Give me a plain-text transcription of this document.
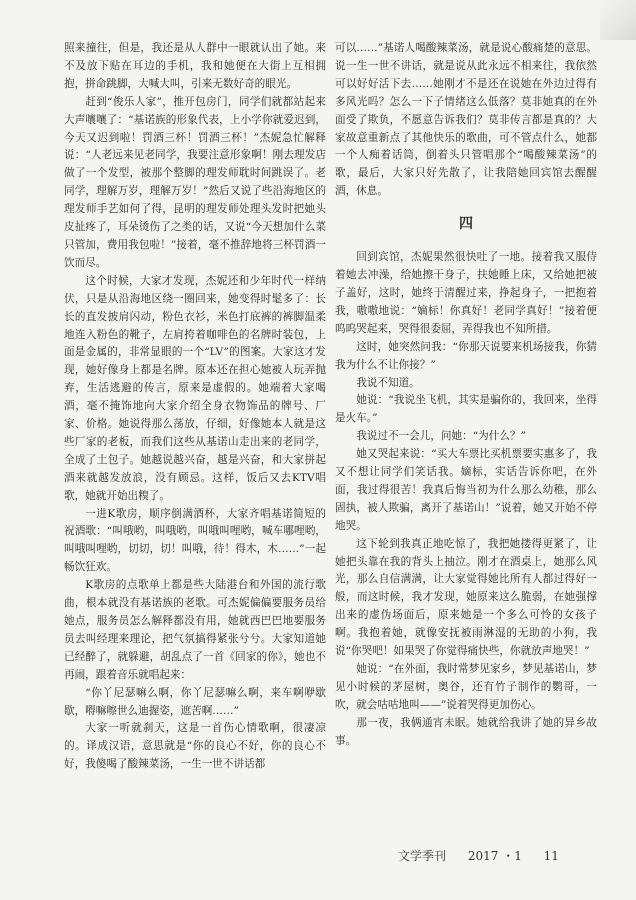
照来撞往，但是，我还是从人群中一眼就认出了她。来不及放下贴在耳边的手机，我和她便在大街上互相拥抱，拼命跳脚，大喊大叫，引来无数好奇的眼光。

赶到“俊乐人家”，推开包房门，同学们就都站起来大声嚷嚷了：“基诺族的形象代表，上小学你就爱迟到，今天又迟到啦！罚酒三杯！罚酒三杯！”杰妮急忙解释说：“人老远来见老同学，我要注意形象啊！刚去理发店做了一个发型，被那个整脚的理发师耽时间跳误了。老同学，理解万岁，理解万岁！”然后又说了些沿海地区的理发师手艺如何了得，昆明的理发师处理头发时把她头皮扯疼了，耳朵烫伤了之类的话，又说“今天想加什么菜只管加，费用我包啦！”接着，毫不推辞地将三杯罚酒一饮而尽。

这个时候，大家才发现，杰妮还和少年时代一样纳伏，只是从沿海地区绕一圈回来，她变得时髦多了：长长的直发披肩闪动，粉色衣衫，米色打底裤的裤脚温柔地连入粉色的靴子，左肩挎着咖啡色的名牌时装包，上面是金属的，非常显眼的一个“LV”的图案。大家这才发现，她好像身上都是名牌。原本还在担心她被人玩弄抛弃，生活逃避的传言，原来是虚假的。她端着大家喝酒，毫不掩饰地向大家介绍全身衣物饰品的牌号、厂家、价格。她说得那么荡放，仔细，好像她本人就是这些厂家的老板，而我们这些从基诺山走出来的老同学，全成了土包子。她越说越兴奋，越是兴奋，和大家拼起酒来就越发放浪，没有顾忌。这样，饭后又去KTV唱歌，她就开始出糗了。

一进K歌房，顺序倒满酒杯，大家齐唱基诺简短的祝酒歌：“叫哦哟，叫哦哟，叫哦叫哩哟，喊车哪哩哟，叫哦叫哩哟，切切，切！叫哦，待！得木，木……”一起畅饮狂欢。

K歌房的点歌单上都是些大陆港台和外国的流行歌曲，根本就没有基诺族的老歌。可杰妮偏偏要服务员给她点，服务员怎么解释都没有用，她就西巴巴地要服务员去叫经理来理论，把气氛搞得紧张兮兮。大家知道她已经醉了，就躲避，胡乱点了一首《回家的你》，她也不再闹，跟着音乐就唱起来：

“你丫尼瑟嘛么啊，你丫尼瑟嘛么啊，来车啊咿歇歇，嘚嘛嚓世么迪握姿，遮苦啊……”

大家一听就刹天，这是一首伤心情歌啊，很凄凉的。译成汉语，意思就是“你的良心不好，你的良心不好，我傻喝了酸辣菜汤，一生一世不讲话都

可以……”基诺人喝酸辣菜汤，就是说心酸痛楚的意思。说一生一世不讲话，就是说从此永远不相来往，我依然可以好好活下去……她刚才不是还在说她在外边过得有多风光吗？怎么一下子情绪这么低落？莫非她真的在外面受了欺负，不愿意告诉我们？莫非传言都是真的？大家故意重新点了其他快乐的歌曲，可不管点什么，她都一个人痴着话筒，倒着头只管唱那个“喝酸辣菜汤”的歌，最后，大家只好先散了，让我陪她回宾馆去醒醒酒，休息。

四

回到宾馆，杰妮果然很快吐了一地。接着我又服侍着她去冲澡，给她擦干身子，扶她睡上床，又给她把被子盖好，这时，她终于清醒过来，挣起身子，一把抱着我，嗷嗷地说：“嫡标！你真好！老同学真好！”接着便呜呜哭起来，哭得很委屈，弄得我也不知所措。

这时，她突然问我：“你那天说要来机场接我，你猜我为什么不让你接？”

我说不知道。

她说：“我说坐飞机，其实是骗你的，我回来，坐得是火车。”

我说过不一会儿，问她：“为什么？”

她又哭起来说：“买大车票比买机票要实惠多了，我又不想让同学们笑话我。嫡标，实话告诉你吧，在外面，我过得很苦！我真后悔当初为什么那么幼稚，那么固执，被人欺骗，离开了基诺山！”说着，她又开始不停地哭。

这下轮到我真正地吃惊了，我把她搂得更紧了，让她把头靠在我的背头上抽泣。刚才在酒桌上，她那么风光，那么自信满满，让大家觉得她比所有人都过得好一般，而这时候，我才发现，她原来这么脆弱，在她强撑出来的虚伪场面后，原来她是一个多么可怜的女孩子啊。我抱着她，就像安抚被雨淋湿的无助的小狗，我说“你哭吧！如果哭了你觉得痛快些，你就放声地哭！”

她说：“在外面，我时常梦见家乡，梦见基诺山，梦见小时候的茅屋树，奥谷，还有竹子制作的鹦哥，一吹，就会咕咕地叫——”说着哭得更加伤心。

那一夜，我俩通宵未眠。她就给我讲了她的异乡故事。

文学季刊 2017 ・1 11
